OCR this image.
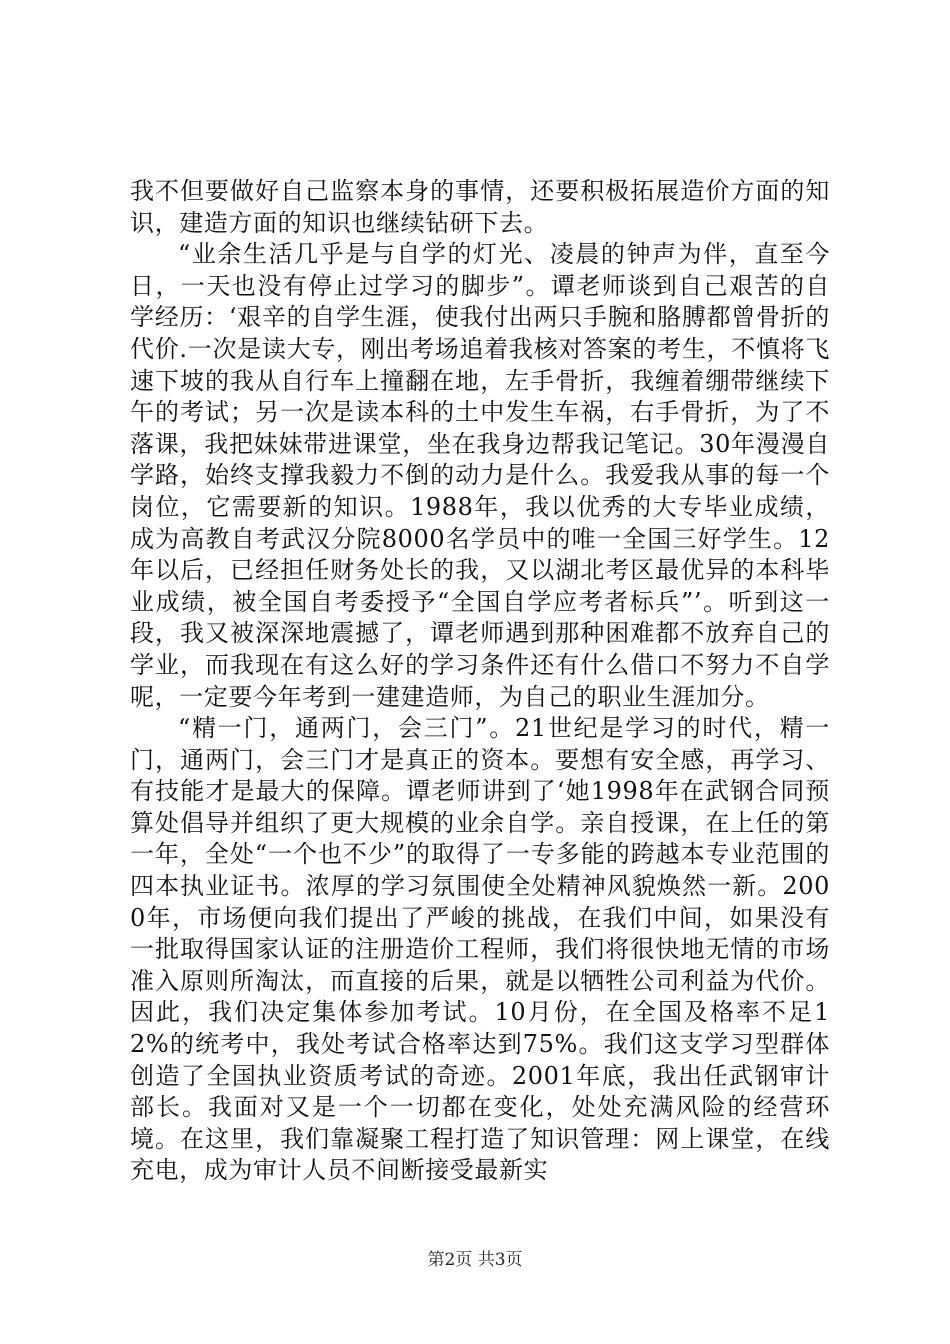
我不但要做好自己监察本身的事情，还要积极拓展造价方面的知识，建造方面的知识也继续钻研下去。

“业余生活几乎是与自学的灯光、凌晨的钟声为伴，直至今日，一天也没有停止过学习的脚步”。谭老师谈到自己艰苦的自学经历：‘艰辛的自学生涯，使我付出两只手腕和胳膊都曾骨折的代价.一次是读大专，刚出考场追着我核对答案的考生，不慎将飞速下坡的我从自行车上撞翻在地，左手骨折，我缠着绷带继续下午的考试；另一次是读本科的土中发生车祸，右手骨折，为了不落课，我把妹妹带进课堂，坐在我身边帮我记笔记。30年漫漫自学路，始终支撑我毅力不倒的动力是什么。我爱我从事的每一个岗位，它需要新的知识。1988年，我以优秀的大专毕业成绩，成为高教自考武汉分院8000名学员中的唯一全国三好学生。12年以后，已经担任财务处长的我，又以湖北考区最优异的本科毕业成绩，被全国自考委授予“全国自学应考者标兵”’。听到这一段，我又被深深地震撼了，谭老师遇到那种困难都不放弃自己的学业，而我现在有这么好的学习条件还有什么借口不努力不自学呢，一定要今年考到一建建造师，为自己的职业生涯加分。

“精一门，通两门，会三门”。21世纪是学习的时代，精一门，通两门，会三门才是真正的资本。要想有安全感，再学习、有技能才是最大的保障。谭老师讲到了‘她1998年在武钢合同预算处倡导并组织了更大规模的业余自学。亲自授课，在上任的第一年，全处“一个也不少”的取得了一专多能的跨越本专业范围的四本执业证书。浓厚的学习氛围使全处精神风貌焕然一新。2000年，市场便向我们提出了严峻的挑战，在我们中间，如果没有一批取得国家认证的注册造价工程师，我们将很快地无情的市场准入原则所淘汰，而直接的后果，就是以牺牲公司利益为代价。因此，我们决定集体参加考试。10月份，在全国及格率不足12%的统考中，我处考试合格率达到75%。我们这支学习型群体创造了全国执业资质考试的奇迹。2001年底，我出任武钢审计部长。我面对又是一个一切都在变化，处处充满风险的经营环境。在这里，我们靠凝聚工程打造了知识管理：网上课堂，在线充电，成为审计人员不间断接受最新实

第2页 共3页
